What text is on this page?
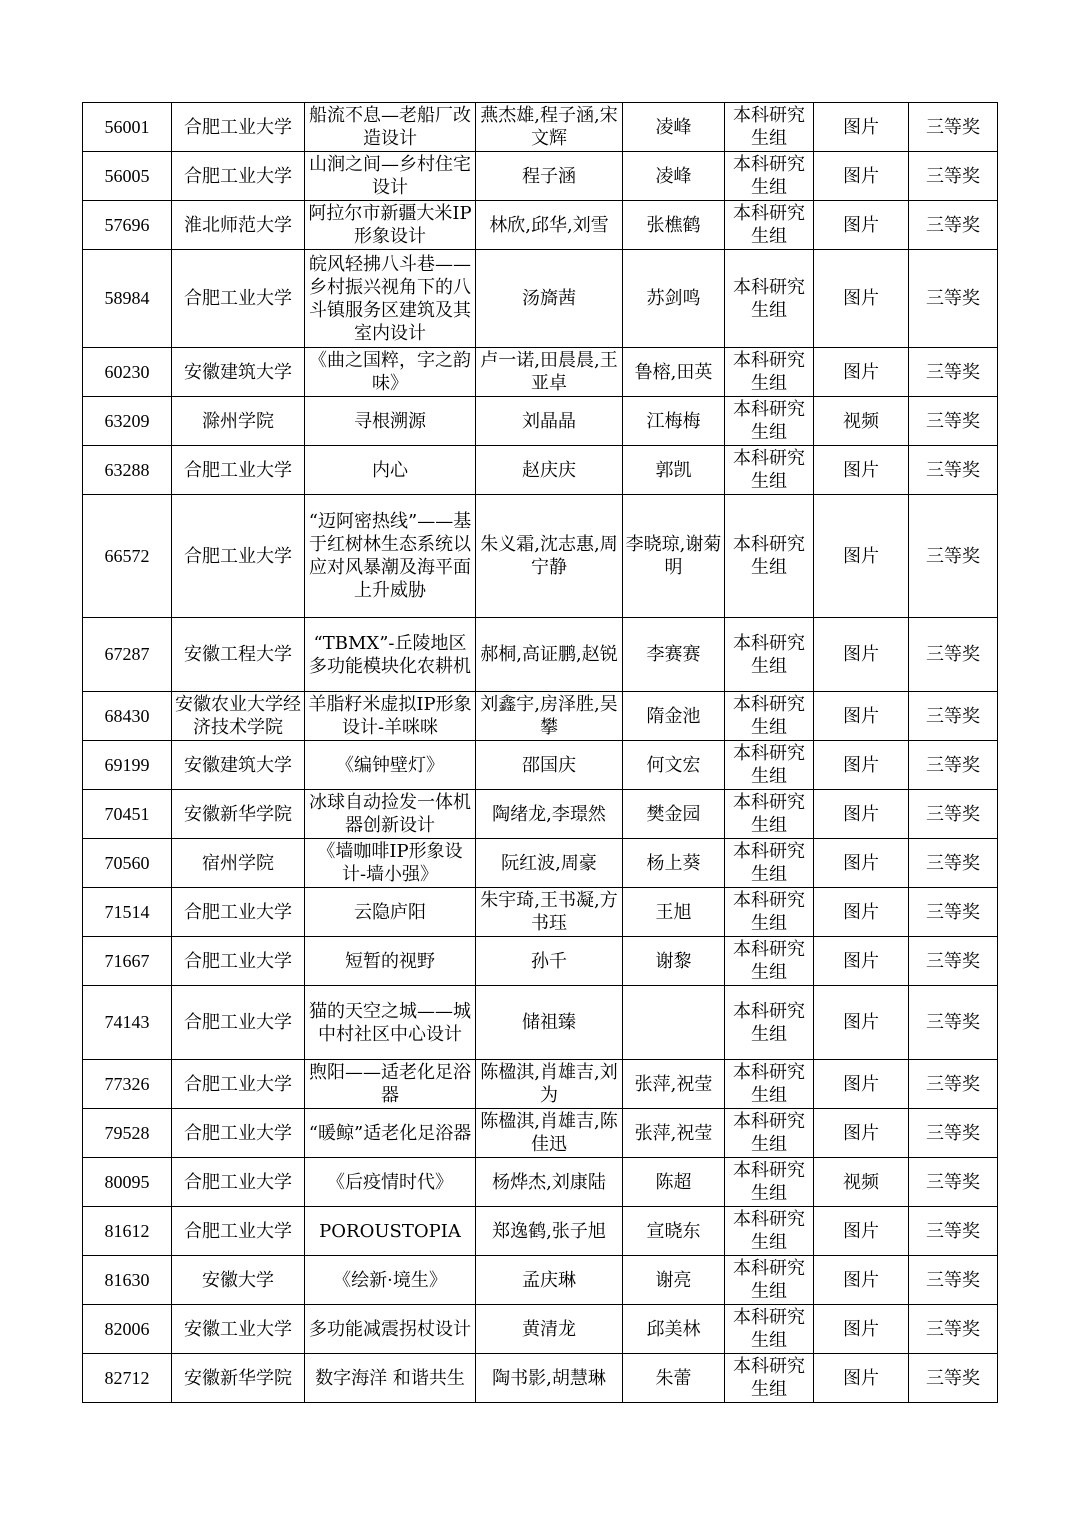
56001	合肥工业大学	船流不息—老船厂改造设计	燕杰雄,程子涵,宋文辉	凌峰	本科研究生组	图片	三等奖
56005	合肥工业大学	山涧之间—乡村住宅设计	程子涵	凌峰	本科研究生组	图片	三等奖
57696	淮北师范大学	阿拉尔市新疆大米IP形象设计	林欣,邱华,刘雪	张樵鹤	本科研究生组	图片	三等奖
58984	合肥工业大学	皖风轻拂八斗巷——乡村振兴视角下的八斗镇服务区建筑及其室内设计	汤旖茜	苏剑鸣	本科研究生组	图片	三等奖
60230	安徽建筑大学	《曲之国粹，字之韵味》	卢一诺,田晨晨,王亚卓	鲁榕,田英	本科研究生组	图片	三等奖
63209	滁州学院	寻根溯源	刘晶晶	江梅梅	本科研究生组	视频	三等奖
63288	合肥工业大学	内心	赵庆庆	郭凯	本科研究生组	图片	三等奖
66572	合肥工业大学	“迈阿密热线”——基于红树林生态系统以应对风暴潮及海平面上升威胁	朱义霜,沈志惠,周宁静	李晓琼,谢菊明	本科研究生组	图片	三等奖
67287	安徽工程大学	“TBMX”-丘陵地区多功能模块化农耕机	郝桐,高证鹏,赵锐	李赛赛	本科研究生组	图片	三等奖
68430	安徽农业大学经济技术学院	羊脂籽米虚拟IP形象设计-羊咪咪	刘鑫宇,房泽胜,吴攀	隋金池	本科研究生组	图片	三等奖
69199	安徽建筑大学	《编钟壁灯》	邵国庆	何文宏	本科研究生组	图片	三等奖
70451	安徽新华学院	冰球自动捡发一体机器创新设计	陶绪龙,李璟然	樊金园	本科研究生组	图片	三等奖
70560	宿州学院	《墙咖啡IP形象设计-墙小强》	阮红波,周豪	杨上葵	本科研究生组	图片	三等奖
71514	合肥工业大学	云隐庐阳	朱宇琦,王书凝,方书珏	王旭	本科研究生组	图片	三等奖
71667	合肥工业大学	短暂的视野	孙千	谢黎	本科研究生组	图片	三等奖
74143	合肥工业大学	猫的天空之城——城中村社区中心设计	储祖臻		本科研究生组	图片	三等奖
77326	合肥工业大学	煦阳——适老化足浴器	陈楹淇,肖雄吉,刘为	张萍,祝莹	本科研究生组	图片	三等奖
79528	合肥工业大学	“暖鲸”适老化足浴器	陈楹淇,肖雄吉,陈佳迅	张萍,祝莹	本科研究生组	图片	三等奖
80095	合肥工业大学	《后疫情时代》	杨烨杰,刘康陆	陈超	本科研究生组	视频	三等奖
81612	合肥工业大学	POROUSTOPIA	郑逸鹤,张子旭	宣晓东	本科研究生组	图片	三等奖
81630	安徽大学	《绘新·境生》	孟庆琳	谢亮	本科研究生组	图片	三等奖
82006	安徽工业大学	多功能减震拐杖设计	黄清龙	邱美林	本科研究生组	图片	三等奖
82712	安徽新华学院	数字海洋 和谐共生	陶书影,胡慧琳	朱蕾	本科研究生组	图片	三等奖
